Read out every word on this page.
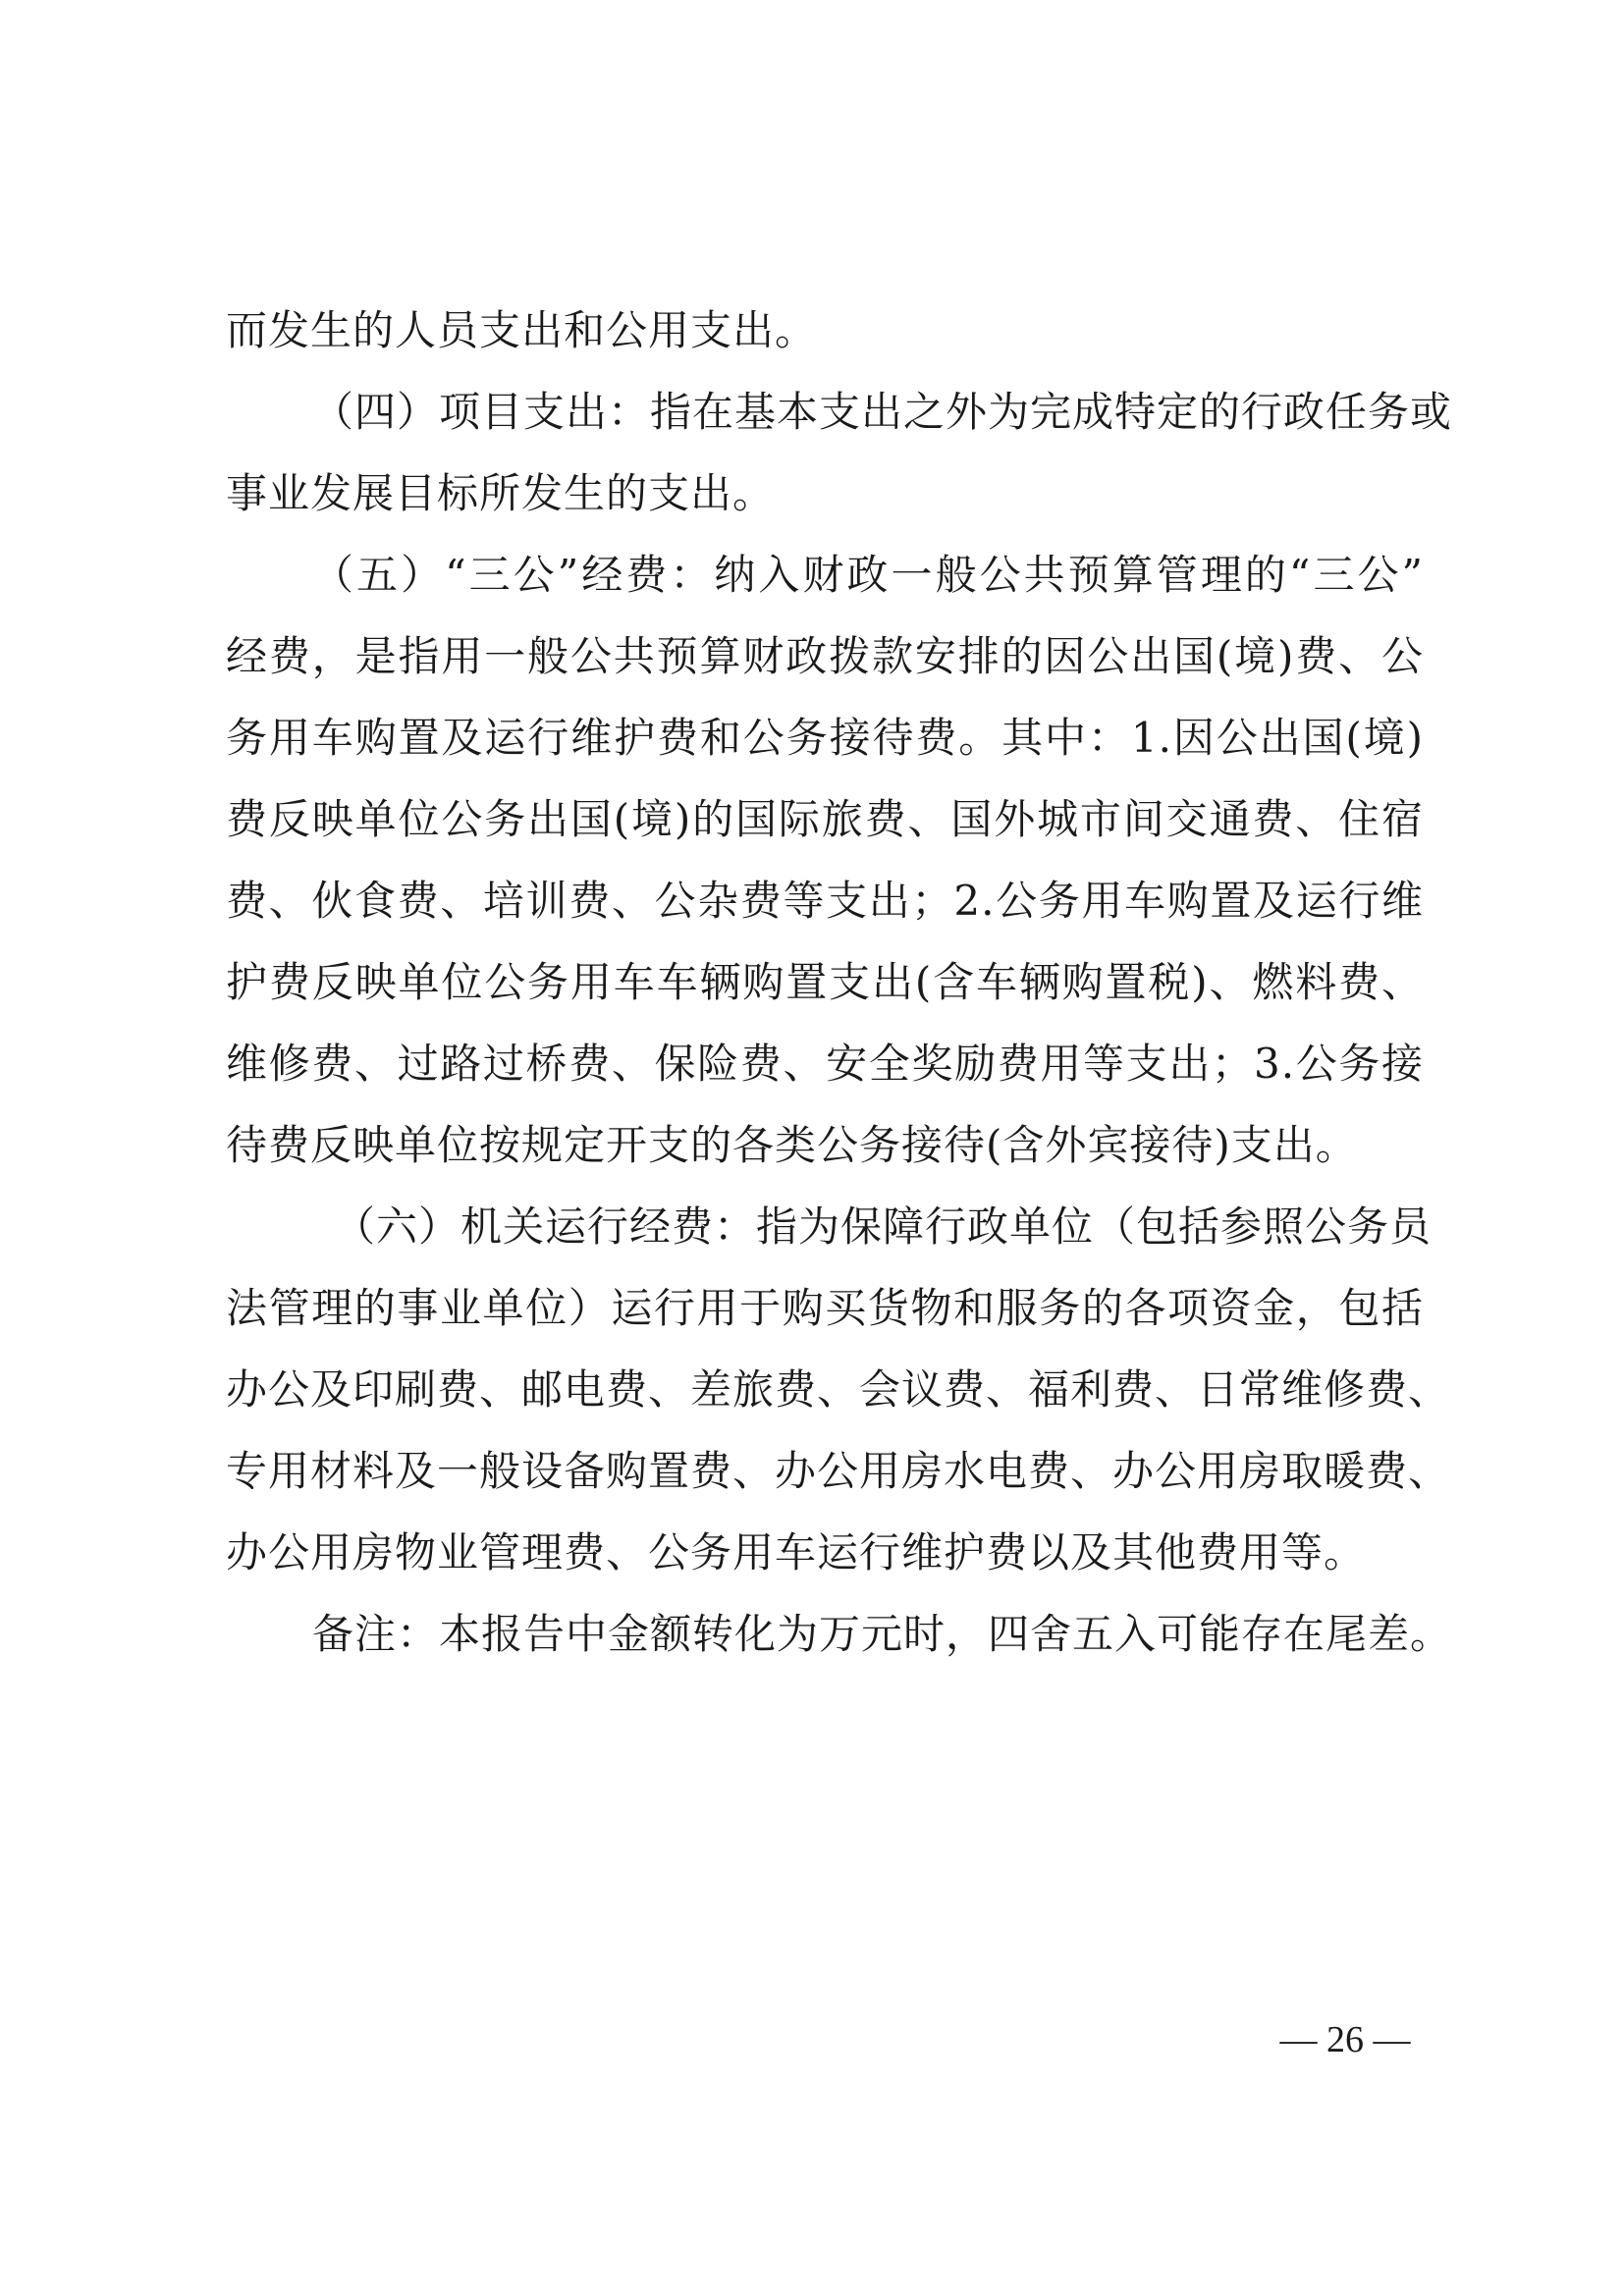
而发生的人员支出和公用支出。
（四）项目支出：指在基本支出之外为完成特定的行政任务或
事业发展目标所发生的支出。
（五）“三公”经费：纳入财政一般公共预算管理的“三公”
经费，是指用一般公共预算财政拨款安排的因公出国(境)费、公
务用车购置及运行维护费和公务接待费。其中：1.因公出国(境)
费反映单位公务出国(境)的国际旅费、国外城市间交通费、住宿
费、伙食费、培训费、公杂费等支出；2.公务用车购置及运行维
护费反映单位公务用车车辆购置支出(含车辆购置税)、燃料费、
维修费、过路过桥费、保险费、安全奖励费用等支出；3.公务接
待费反映单位按规定开支的各类公务接待(含外宾接待)支出。
（六）机关运行经费：指为保障行政单位（包括参照公务员
法管理的事业单位）运行用于购买货物和服务的各项资金，包括
办公及印刷费、邮电费、差旅费、会议费、福利费、日常维修费、
专用材料及一般设备购置费、办公用房水电费、办公用房取暖费、
办公用房物业管理费、公务用车运行维护费以及其他费用等。
备注：本报告中金额转化为万元时，四舍五入可能存在尾差。
— 26 —
